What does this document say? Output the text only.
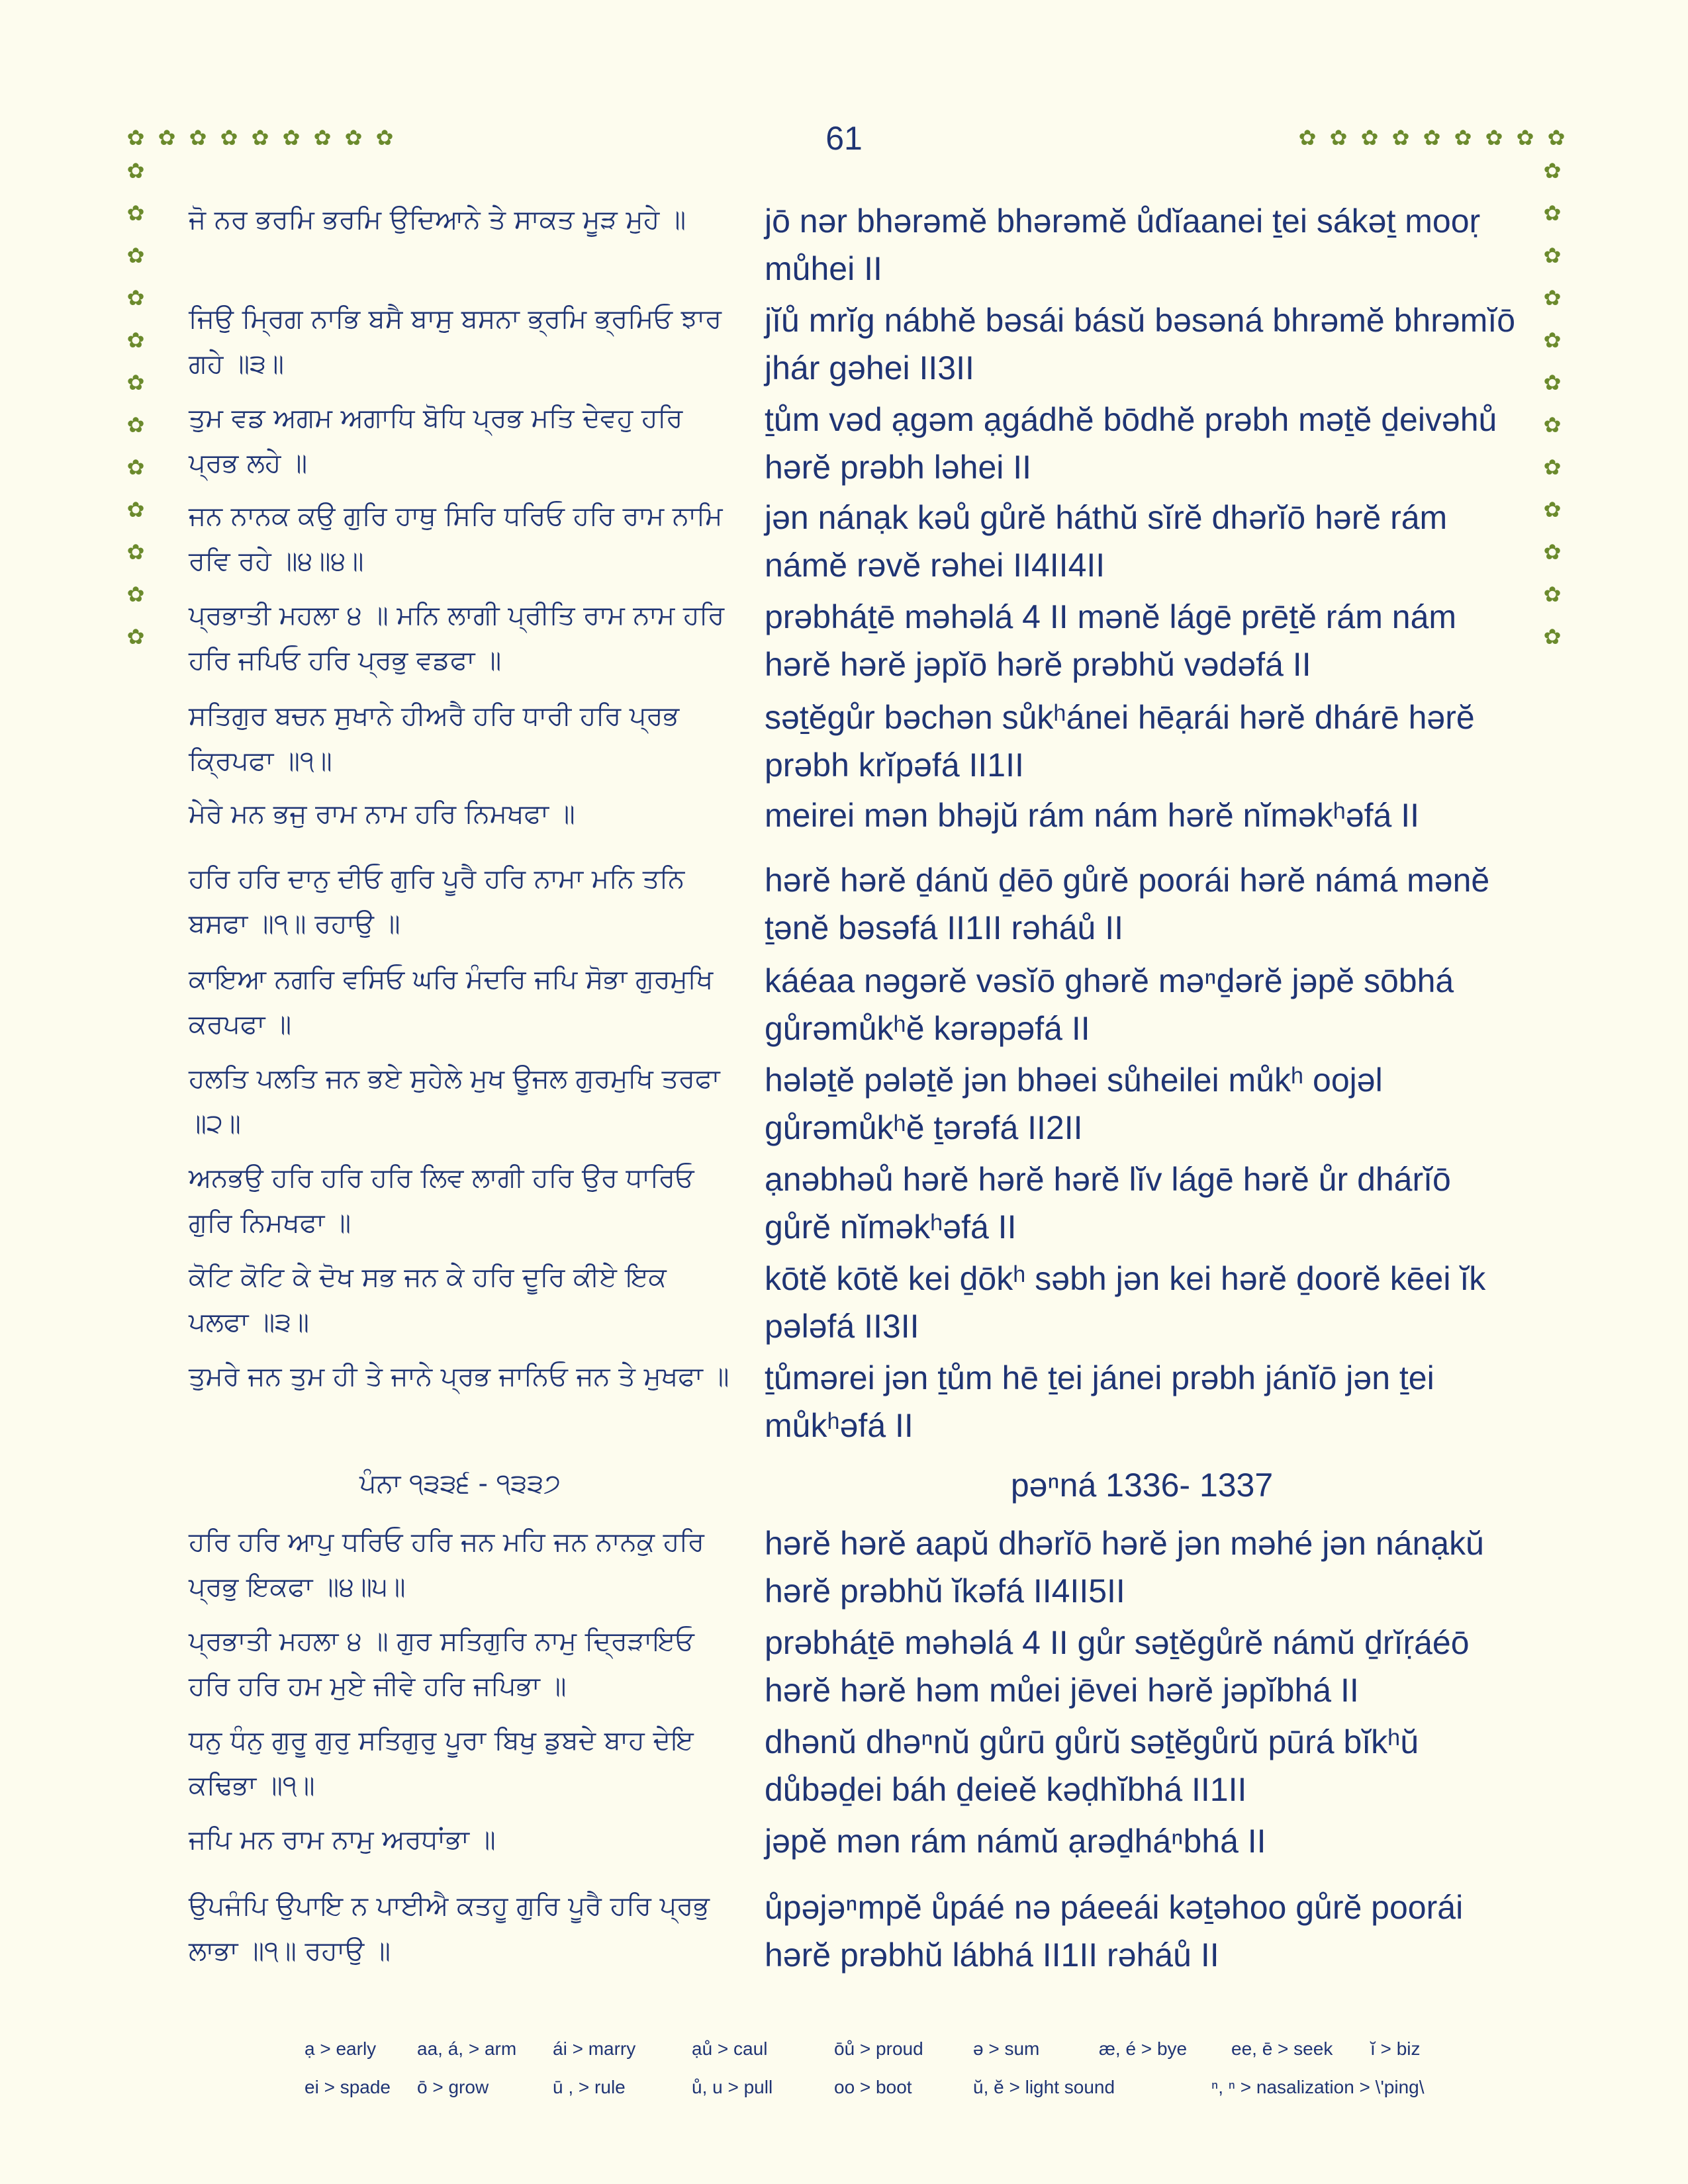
61
✿ ✿ ✿ ✿ ✿ ✿ ✿ ✿ ✿	✿ ✿ ✿ ✿ ✿ ✿ ✿ ✿ ✿
✿
✿
✿
✿
✿
✿
✿
✿
✿
✿
✿
✿
✿
✿
✿
✿
✿
✿
✿
✿
✿
✿
✿
✿
ਜੋ ਨਰ ਭਰਮਿ ਭਰਮਿ ਉਦਿਆਨੇ ਤੇ ਸਾਕਤ ਮੂੜ ਮੁਹੇ ॥	jō nər bhərəmĕ bhərəmĕ ůdĭaanei ṯei sákəṯ mooṛ můhei II
ਜਿਉ ਮ੍ਰਿਗ ਨਾਭਿ ਬਸੈ ਬਾਸੁ ਬਸਨਾ ਭ੍ਰਮਿ ਭ੍ਰਮਿਓ ਝਾਰ ਗਹੇ ॥੩॥
jĭů mrĭg nábhĕ bəsái básŭ bəsəná bhrəmĕ bhrəmĭō jhár gəhei II3II
ਤੁਮ ਵਡ ਅਗਮ ਅਗਾਧਿ ਬੋਧਿ ਪ੍ਰਭ ਮਤਿ ਦੇਵਹੁ ਹਰਿ ਪ੍ਰਭ ਲਹੇ ॥
ṯům vəd ạgəm ạgádhĕ bōdhĕ prəbh məṯĕ ḏeivəhů hərĕ prəbh ləhei II
ਜਨ ਨਾਨਕ ਕਉ ਗੁਰਿ ਹਾਥੁ ਸਿਰਿ ਧਰਿਓ ਹਰਿ ਰਾਮ ਨਾਮਿ ਰਵਿ ਰਹੇ ॥੪॥੪॥
jən nánạk kəů gůrĕ háthŭ sĭrĕ dhərĭō hərĕ rám námĕ rəvĕ rəhei II4II4II
ਪ੍ਰਭਾਤੀ ਮਹਲਾ ੪ ॥ ਮਨਿ ਲਾਗੀ ਪ੍ਰੀਤਿ ਰਾਮ ਨਾਮ ਹਰਿ ਹਰਿ ਜਪਿਓ ਹਰਿ ਪ੍ਰਭੁ ਵਡਫਾ ॥
prəbháṯē məhəlá 4 II mənĕ lágē prēṯĕ rám nám hərĕ hərĕ jəpĭō hərĕ prəbhŭ vədəfá II
ਸਤਿਗੁਰ ਬਚਨ ਸੁਖਾਨੇ ਹੀਅਰੈ ਹਰਿ ਧਾਰੀ ਹਰਿ ਪ੍ਰਭ ਕ੍ਰਿਪਫਾ ॥੧॥
səṯĕgůr bəchən sůkʰánei hēạrái hərĕ dhárē hərĕ prəbh krĭpəfá II1II
ਮੇਰੇ ਮਨ ਭਜੁ ਰਾਮ ਨਾਮ ਹਰਿ ਨਿਮਖਫਾ ॥	meirei mən bhəjŭ rám nám hərĕ nĭməkʰəfá II
ਹਰਿ ਹਰਿ ਦਾਨੁ ਦੀਓ ਗੁਰਿ ਪੂਰੈ ਹਰਿ ਨਾਮਾ ਮਨਿ ਤਨਿ ਬਸਫਾ ॥੧॥ ਰਹਾਉ ॥
hərĕ hərĕ ḏánŭ ḏēō gůrĕ poorái hərĕ námá mənĕ ṯənĕ bəsəfá II1II rəháů II
ਕਾਇਆ ਨਗਰਿ ਵਸਿਓ ਘਰਿ ਮੰਦਰਿ ਜਪਿ ਸੋਭਾ ਗੁਰਮੁਖਿ ਕਰਪਫਾ ॥
káéaa nəgərĕ vəsĭō ghərĕ məⁿḏərĕ jəpĕ sōbhá gůrəmůkʰĕ kərəpəfá II
ਹਲਤਿ ਪਲਤਿ ਜਨ ਭਏ ਸੁਹੇਲੇ ਮੁਖ ਊਜਲ ਗੁਰਮੁਖਿ ਤਰਫਾ ॥੨॥
hələṯĕ pələṯĕ jən bhəei sůheilei můkʰ oojəl gůrəmůkʰĕ ṯərəfá II2II
ਅਨਭਉ ਹਰਿ ਹਰਿ ਹਰਿ ਲਿਵ ਲਾਗੀ ਹਰਿ ਉਰ ਧਾਰਿਓ ਗੁਰਿ ਨਿਮਖਫਾ ॥
ạnəbhəů hərĕ hərĕ hərĕ lĭv lágē hərĕ ůr dhárĭō gůrĕ nĭməkʰəfá II
ਕੋਟਿ ਕੋਟਿ ਕੇ ਦੋਖ ਸਭ ਜਨ ਕੇ ਹਰਿ ਦੂਰਿ ਕੀਏ ਇਕ ਪਲਫਾ ॥੩॥
kōtĕ kōtĕ kei ḏōkʰ səbh jən kei hərĕ ḏoorĕ kēei ĭk pələfá II3II
ਤੁਮਰੇ ਜਨ ਤੁਮ ਹੀ ਤੇ ਜਾਨੇ ਪ੍ਰਭ ਜਾਨਿਓ ਜਨ ਤੇ ਮੁਖਫਾ ॥ ṯůmərei jən ṯům hē ṯei jánei prəbh jánĭō jən ṯei můkʰəfá II
ਪੰਨਾ ੧੩੩੬ - ੧੩੩੭	pəⁿná 1336- 1337
ਹਰਿ ਹਰਿ ਆਪੁ ਧਰਿਓ ਹਰਿ ਜਨ ਮਹਿ ਜਨ ਨਾਨਕੁ ਹਰਿ ਪ੍ਰਭੁ ਇਕਫਾ ॥੪॥੫॥
hərĕ hərĕ aapŭ dhərĭō hərĕ jən məhé jən nánạkŭ hərĕ prəbhŭ ĭkəfá II4II5II
ਪ੍ਰਭਾਤੀ ਮਹਲਾ ੪ ॥ ਗੁਰ ਸਤਿਗੁਰਿ ਨਾਮੁ ਦ੍ਰਿੜਾਇਓ ਹਰਿ ਹਰਿ ਹਮ ਮੁਏ ਜੀਵੇ ਹਰਿ ਜਪਿਭਾ ॥
prəbháṯē məhəlá 4 II gůr səṯĕgůrĕ námŭ ḏrĭṛáéō hərĕ hərĕ həm můei jēvei hərĕ jəpĭbhá II
ਧਨੁ ਧੰਨੁ ਗੁਰੂ ਗੁਰੁ ਸਤਿਗੁਰੁ ਪੂਰਾ ਬਿਖੁ ਡੁਬਦੇ ਬਾਹ ਦੇਇ ਕਢਿਭਾ ॥੧॥
dhənŭ dhəⁿnŭ gůrū gůrŭ səṯĕgůrŭ pūrá bĭkʰŭ důbəḏei báh ḏeieĕ kəḍhĭbhá II1II
ਜਪਿ ਮਨ ਰਾਮ ਨਾਮੁ ਅਰਧਾਂਭਾ ॥	jəpĕ mən rám námŭ ạrəḏháⁿbhá II
ਉਪਜੰਪਿ ਉਪਾਇ ਨ ਪਾਈਐ ਕਤਹੂ ਗੁਰਿ ਪੂਰੈ ਹਰਿ ਪ੍ਰਭੁ ਲਾਭਾ ॥੧॥ ਰਹਾਉ ॥
ůpəjəⁿmpĕ ůpáé nə páeeái kəṯəhoo gůrĕ poorái hərĕ prəbhŭ lábhá II1II rəháů II
ạ > early aa, á, > arm ái > marry	ạů > caul	ōů > proud	ə > sum	æ, é > bye ee, ē > seek ĭ > biz
ei > spade ō > grow	ū , > rule	ů, u > pull	oo > boot	ŭ, ĕ > light sound	ⁿ, ⁿ > nasalization > \'ping\
